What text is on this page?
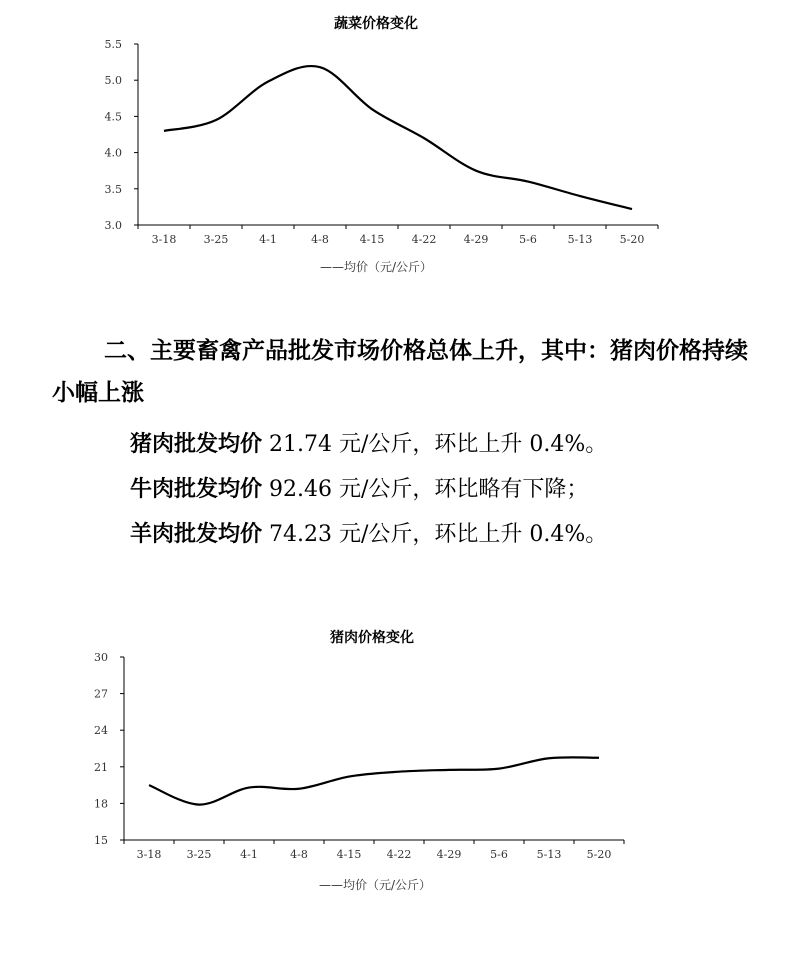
蔬菜价格变化
3.0
3.5
4.0
4.5
5.0
5.5
3-18 3-25	4-1	4-8	4-15 4-22 4-29	5-6	5-13 5-20
——均价（元/公斤）
二、主要畜禽产品批发市场价格总体上升，其中：猪肉价格持续小幅上涨
猪肉批发均价 21.74 元/公斤，环比上升 0.4%。
牛肉批发均价 92.46 元/公斤，环比略有下降；
羊肉批发均价 74.23 元/公斤，环比上升 0.4%。
猪肉价格变化
15
18
21
24
27
30
3-18 3-25	4-1	4-8	4-15 4-22 4-29	5-6	5-13 5-20
——均价（元/公斤）
